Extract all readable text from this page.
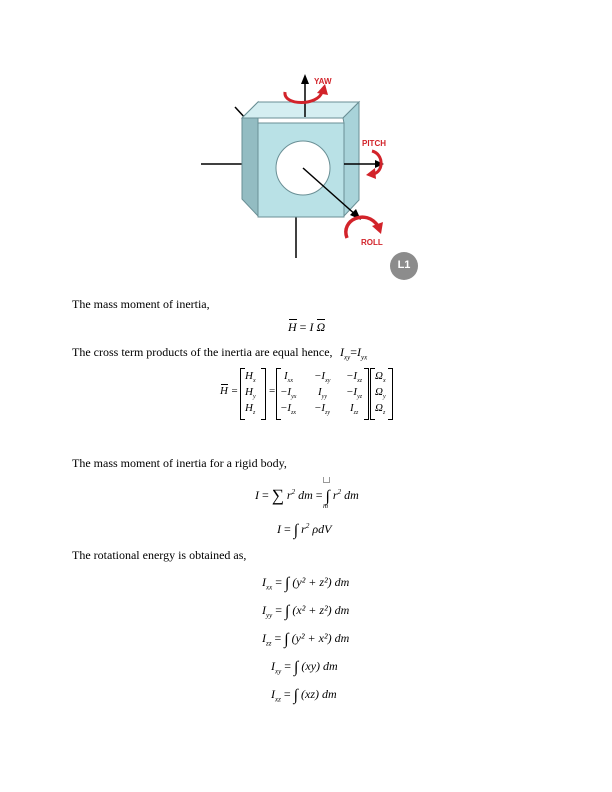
YAW
PITCH
ROLL
L1
The mass moment of inertia,
H = I Ω
The cross term products of the inertia are equal hence, $I_{xy}=I_{yx}$
H =
$H_x$
$H_y$
$H_z$
=
$I_{xx} -I_{xy} -I_{xz}$
$-I_{yx}$ $I_{yy} -I_{yz}$
$-I_{zx} -I_{zy}$ $I_{zz}$
$\Omega_x$
$\Omega_y$
$\Omega_z$
The mass moment of inertia for a rigid body,
I = ∑ $r^2$ dm = ∫ $r^2$ dm
m
I = ∫ $r^2$ ρdV
The rotational energy is obtained as,
$I_{xx}$ = ∫ (y² + z²) dm
$I_{yy}$ = ∫ (x² + z²) dm
$I_{zz}$ = ∫ (y² + x²) dm
$I_{xy}$ = ∫ (xy) dm
$I_{xz}$ = ∫ (xz) dm
